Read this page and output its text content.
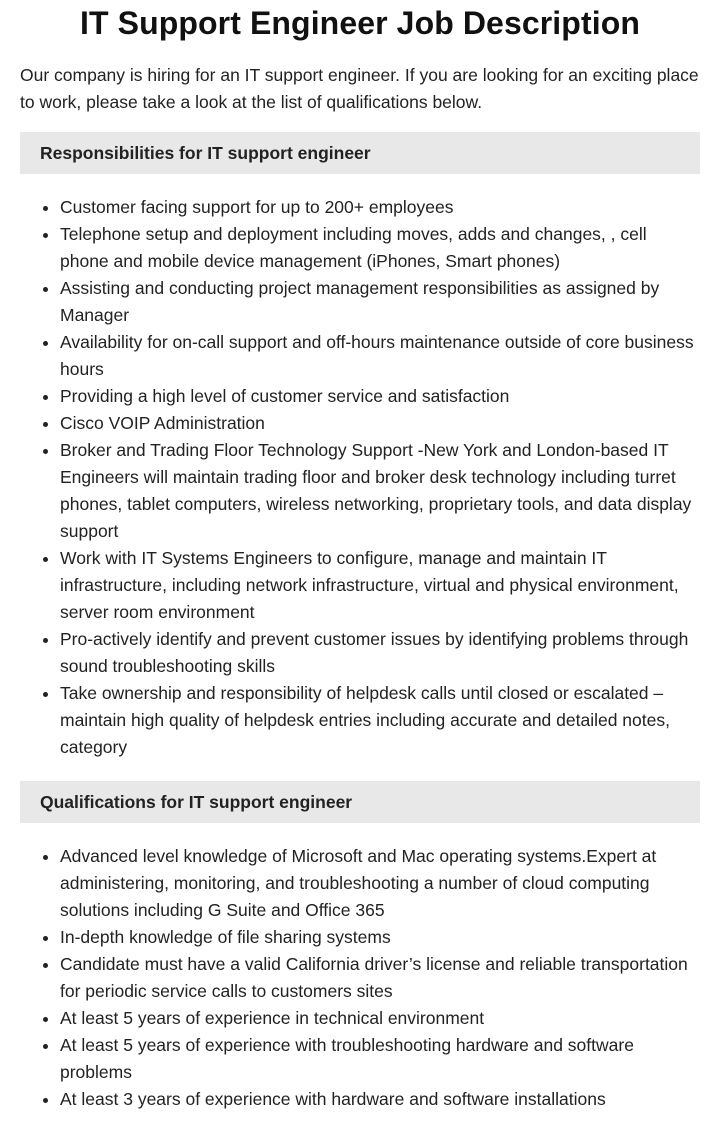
IT Support Engineer Job Description

Our company is hiring for an IT support engineer. If you are looking for an exciting place to work, please take a look at the list of qualifications below.

Responsibilities for IT support engineer
• Customer facing support for up to 200+ employees
• Telephone setup and deployment including moves, adds and changes, , cell phone and mobile device management (iPhones, Smart phones)
• Assisting and conducting project management responsibilities as assigned by Manager
• Availability for on-call support and off-hours maintenance outside of core business hours
• Providing a high level of customer service and satisfaction
• Cisco VOIP Administration
• Broker and Trading Floor Technology Support -New York and London-based IT Engineers will maintain trading floor and broker desk technology including turret phones, tablet computers, wireless networking, proprietary tools, and data display support
• Work with IT Systems Engineers to configure, manage and maintain IT infrastructure, including network infrastructure, virtual and physical environment, server room environment
• Pro-actively identify and prevent customer issues by identifying problems through sound troubleshooting skills
• Take ownership and responsibility of helpdesk calls until closed or escalated – maintain high quality of helpdesk entries including accurate and detailed notes, category
Qualifications for IT support engineer
• Advanced level knowledge of Microsoft and Mac operating systems.Expert at administering, monitoring, and troubleshooting a number of cloud computing solutions including G Suite and Office 365
• In-depth knowledge of file sharing systems
• Candidate must have a valid California driver’s license and reliable transportation for periodic service calls to customers sites
• At least 5 years of experience in technical environment
• At least 5 years of experience with troubleshooting hardware and software problems
• At least 3 years of experience with hardware and software installations
